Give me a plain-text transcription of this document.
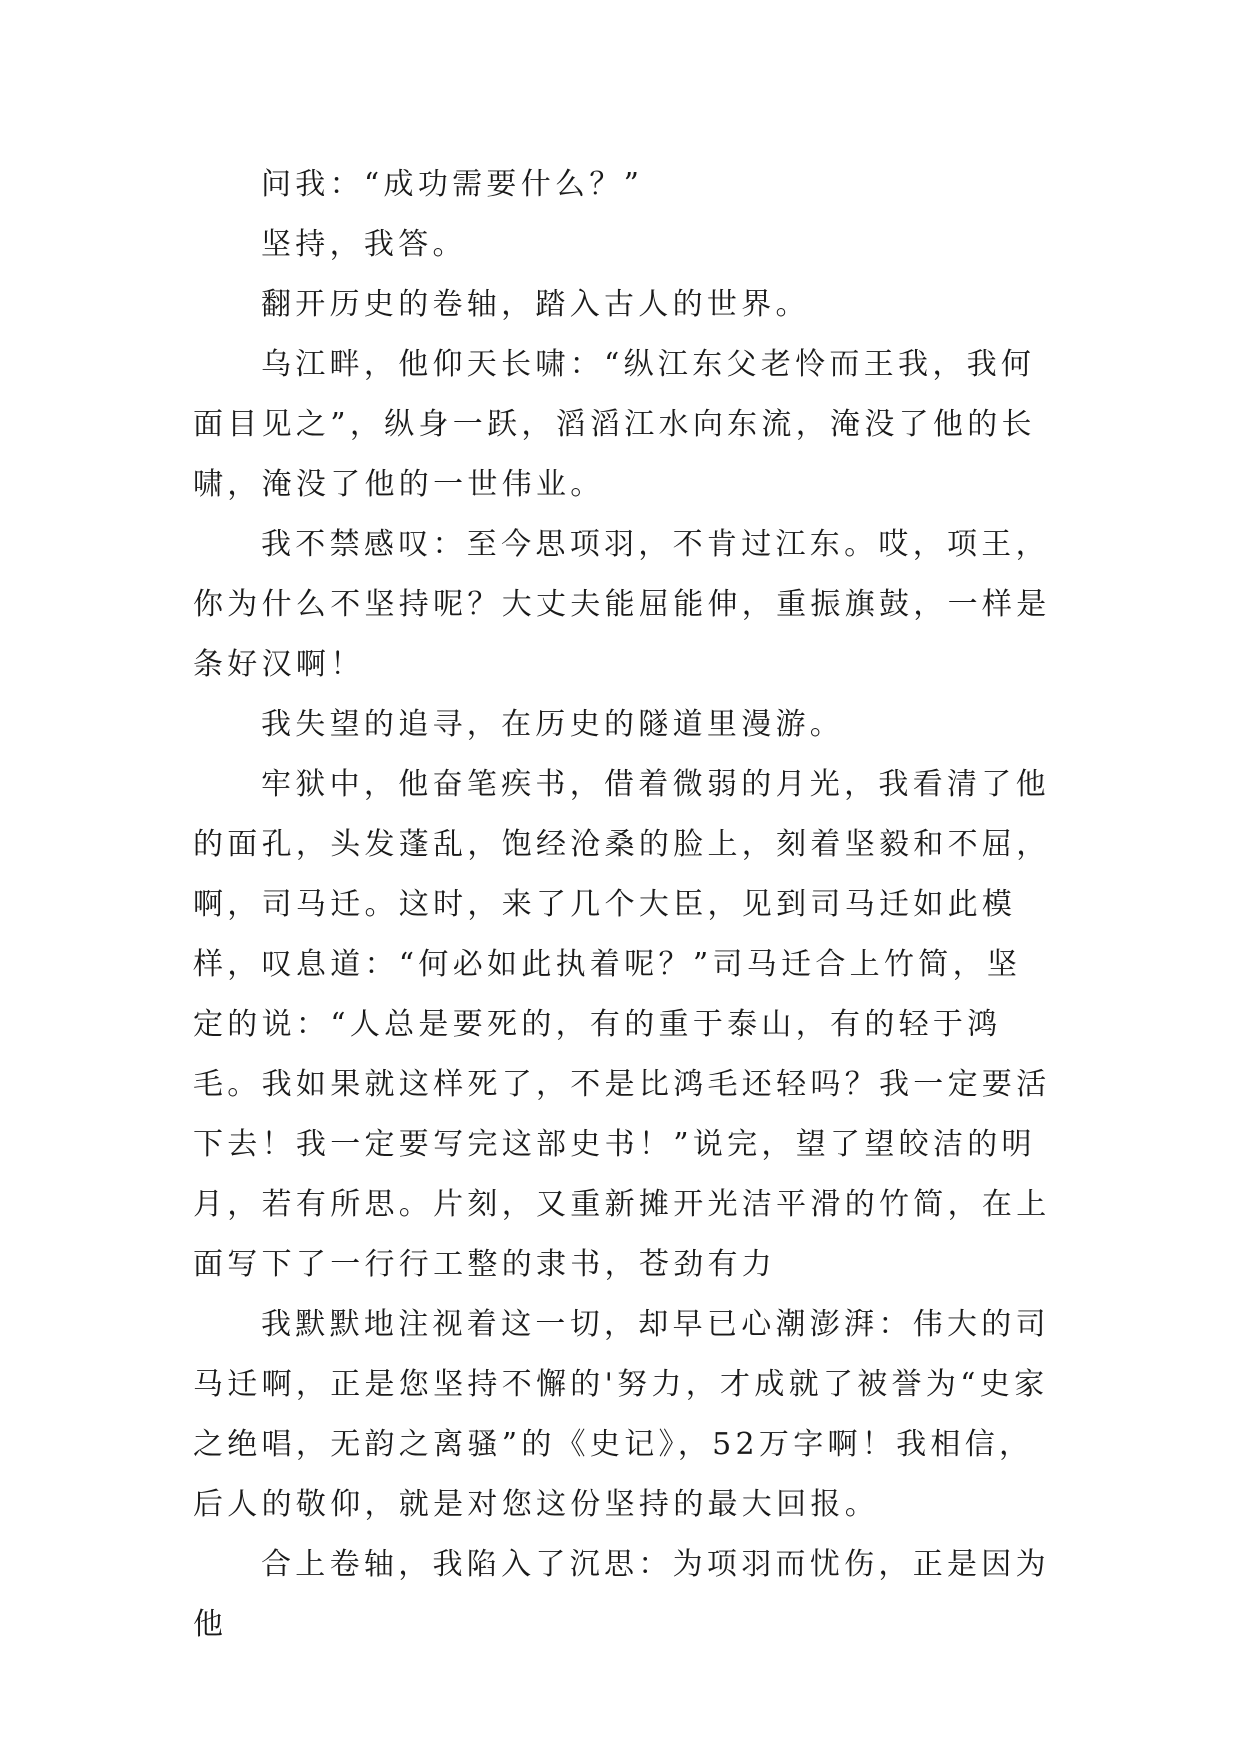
问我：“成功需要什么？”

坚持，我答。

翻开历史的卷轴，踏入古人的世界。

乌江畔，他仰天长啸：“纵江东父老怜而王我，我何面目见之”，纵身一跃，滔滔江水向东流，淹没了他的长啸，淹没了他的一世伟业。

我不禁感叹：至今思项羽，不肯过江东。哎，项王，你为什么不坚持呢？大丈夫能屈能伸，重振旗鼓，一样是条好汉啊！

我失望的追寻，在历史的隧道里漫游。

牢狱中，他奋笔疾书，借着微弱的月光，我看清了他的面孔，头发蓬乱，饱经沧桑的脸上，刻着坚毅和不屈，啊，司马迁。这时，来了几个大臣，见到司马迁如此模样，叹息道：“何必如此执着呢？”司马迁合上竹简，坚定的说：“人总是要死的，有的重于泰山，有的轻于鸿毛。我如果就这样死了，不是比鸿毛还轻吗？我一定要活下去！我一定要写完这部史书！”说完，望了望皎洁的明月，若有所思。片刻，又重新摊开光洁平滑的竹简，在上面写下了一行行工整的隶书，苍劲有力

我默默地注视着这一切，却早已心潮澎湃：伟大的司马迁啊，正是您坚持不懈的'努力，才成就了被誉为“史家之绝唱，无韵之离骚”的《史记》，52万字啊！我相信，后人的敬仰，就是对您这份坚持的最大回报。

合上卷轴，我陷入了沉思：为项羽而忧伤，正是因为他
